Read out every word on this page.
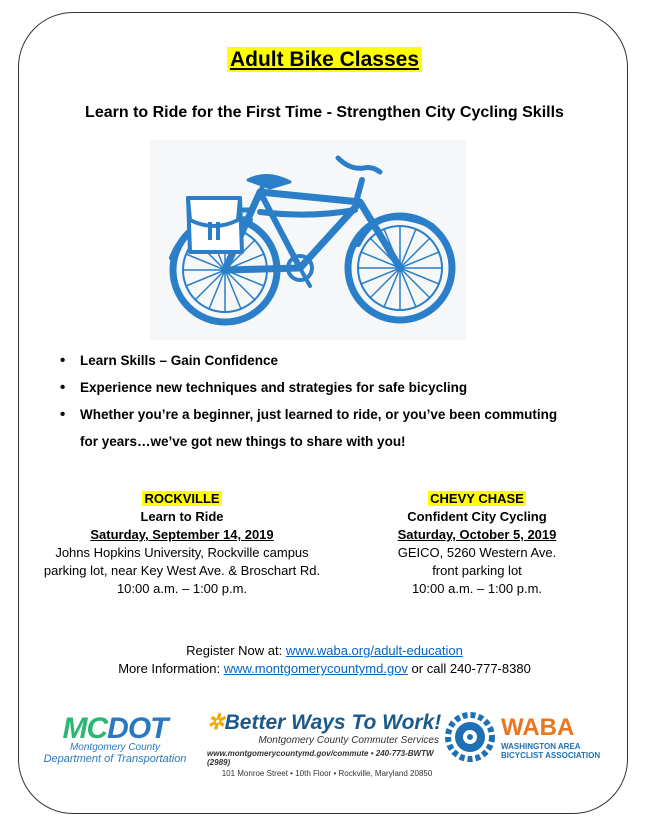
Adult Bike Classes
Learn to Ride for the First Time - Strengthen City Cycling Skills
• Learn Skills – Gain Confidence
• Experience new techniques and strategies for safe bicycling
• Whether you’re a beginner, just learned to ride, or you’ve been commuting
for years…we’ve got new things to share with you!
ROCKVILLE
Learn to Ride
Saturday, September 14, 2019
Johns Hopkins University, Rockville campus
parking lot, near Key West Ave. & Broschart Rd.
10:00 a.m. – 1:00 p.m.
CHEVY CHASE
Confident City Cycling
Saturday, October 5, 2019
GEICO, 5260 Western Ave.
front parking lot
10:00 a.m. – 1:00 p.m.
Register Now at: www.waba.org/adult-education
More Information: www.montgomerycountymd.gov or call 240-777-8380
MCDOT
Montgomery County
Department of Transportation
✲Better Ways To Work!
Montgomery County Commuter Services
www.montgomerycountymd.gov/commute • 240-773-BWTW (2989)
101 Monroe Street • 10th Floor • Rockville, Maryland 20850
WABA
WASHINGTON AREA
BICYCLIST ASSOCIATION
